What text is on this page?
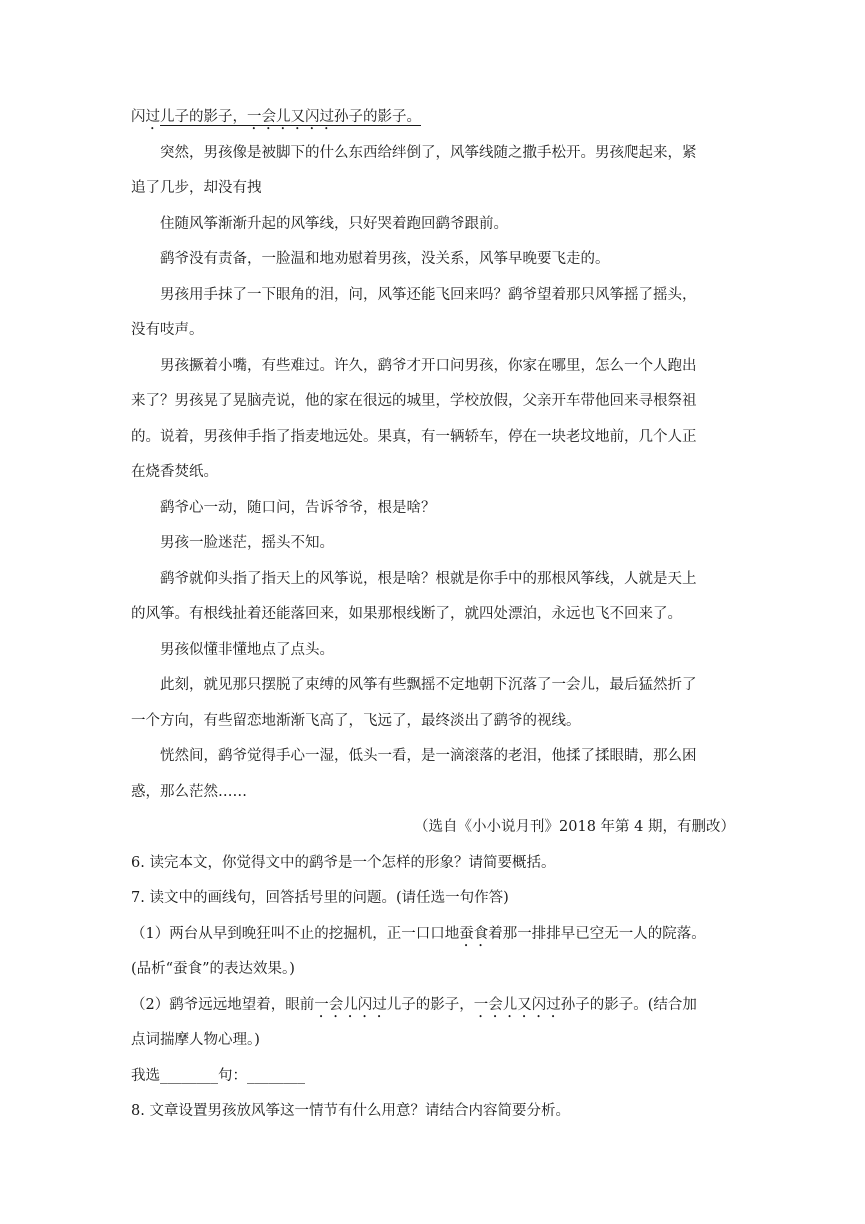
闪过儿子的影子，一会儿又闪过孙子的影子。
突然，男孩像是被脚下的什么东西给绊倒了，风筝线随之撒手松开。男孩爬起来，紧
追了几步，却没有拽
住随风筝渐渐升起的风筝线，只好哭着跑回鹞爷跟前。
鹞爷没有责备，一脸温和地劝慰着男孩，没关系，风筝早晚要飞走的。
男孩用手抹了一下眼角的泪，问，风筝还能飞回来吗？鹞爷望着那只风筝摇了摇头，
没有吱声。
男孩撅着小嘴，有些难过。许久，鹞爷才开口问男孩，你家在哪里，怎么一个人跑出
来了？男孩晃了晃脑壳说，他的家在很远的城里，学校放假，父亲开车带他回来寻根祭祖
的。说着，男孩伸手指了指麦地远处。果真，有一辆轿车，停在一块老坟地前，几个人正
在烧香焚纸。
鹞爷心一动，随口问，告诉爷爷，根是啥？
男孩一脸迷茫，摇头不知。
鹞爷就仰头指了指天上的风筝说，根是啥？根就是你手中的那根风筝线，人就是天上
的风筝。有根线扯着还能落回来，如果那根线断了，就四处漂泊，永远也飞不回来了。
男孩似懂非懂地点了点头。
此刻，就见那只摆脱了束缚的风筝有些飘摇不定地朝下沉落了一会儿，最后猛然折了
一个方向，有些留恋地渐渐飞高了，飞远了，最终淡出了鹞爷的视线。
恍然间，鹞爷觉得手心一湿，低头一看，是一滴滚落的老泪，他揉了揉眼睛，那么困
惑，那么茫然……
（选自《小小说月刊》2018 年第 4 期，有删改）
6. 读完本文，你觉得文中的鹞爷是一个怎样的形象？请简要概括。
7. 读文中的画线句，回答括号里的问题。(请任选一句作答)
（1）两台从早到晚狂叫不止的挖掘机，正一口口地蚕食着那一排排早已空无一人的院落。
(品析“蚕食”的表达效果。)
（2）鹞爷远远地望着，眼前一会儿闪过儿子的影子，一会儿又闪过孙子的影子。(结合加
点词揣摩人物心理。)
我选________句：________
8. 文章设置男孩放风筝这一情节有什么用意？请结合内容简要分析。
